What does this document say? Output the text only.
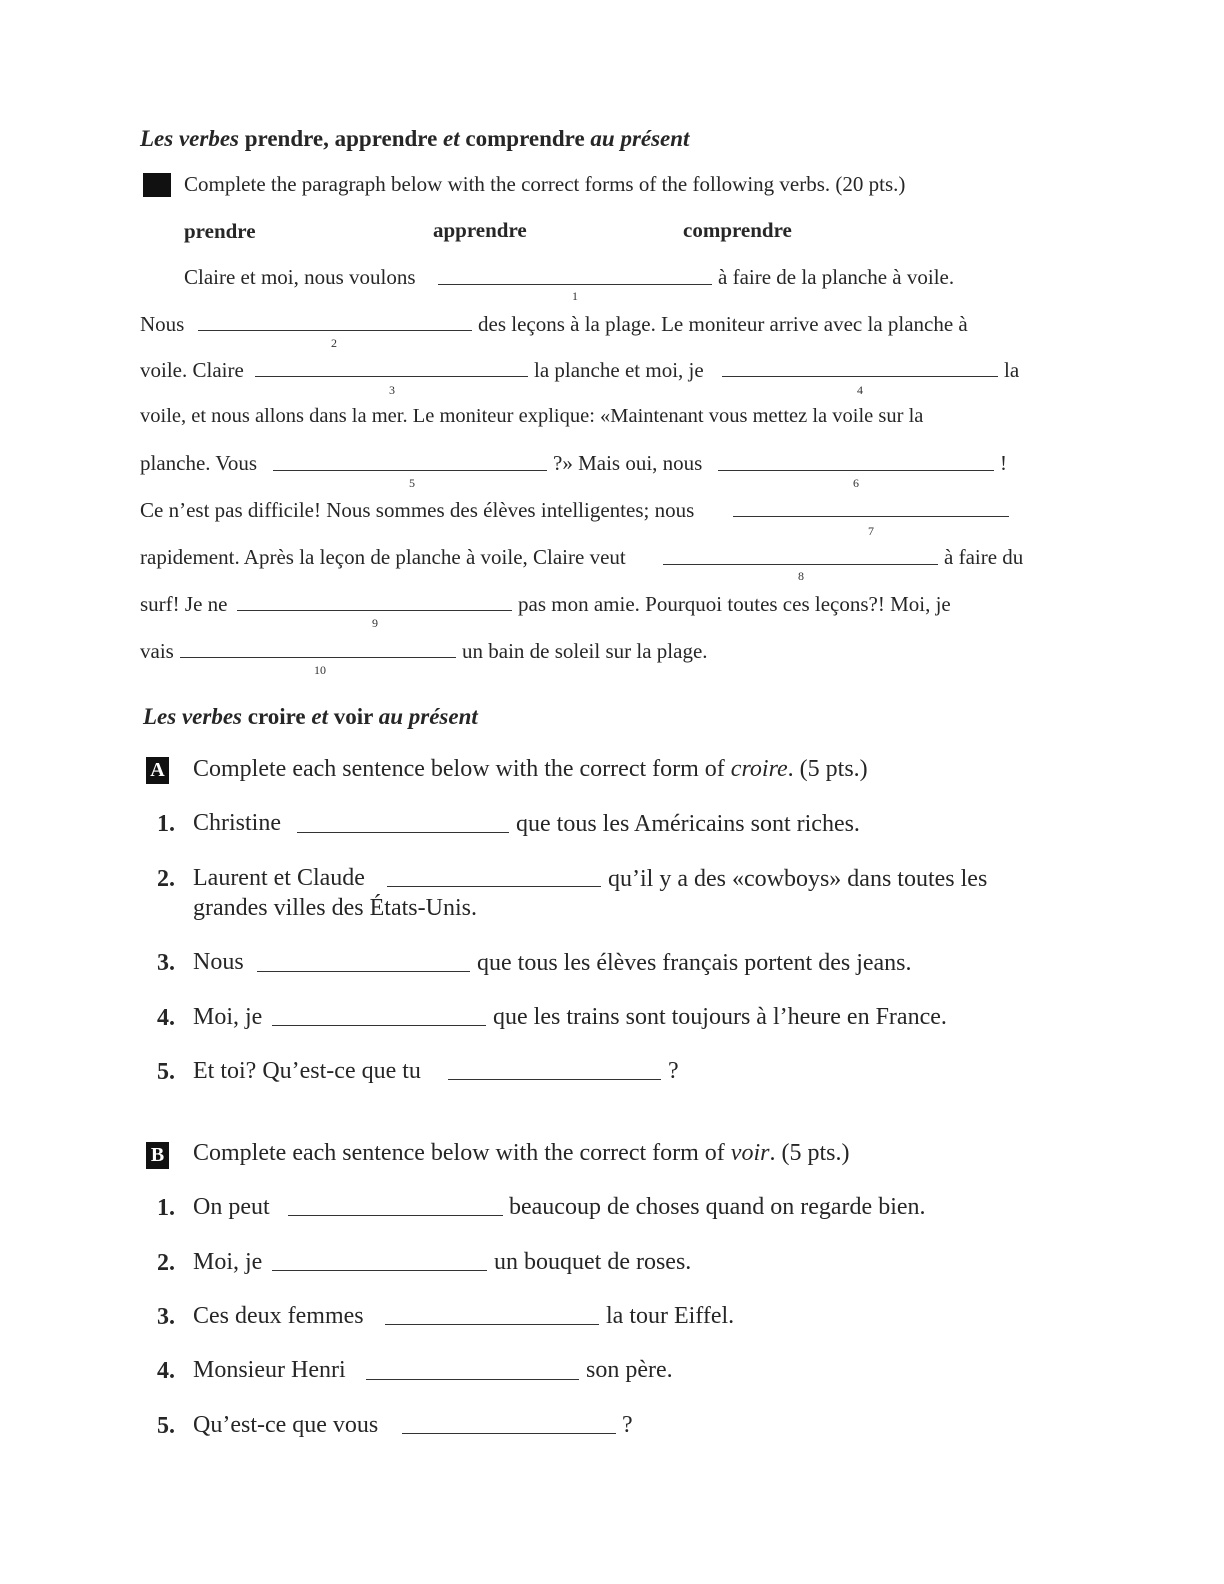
Les verbes prendre, apprendre et comprendre au présent
Complete the paragraph below with the correct forms of the following verbs. (20 pts.)
prendre	apprendre	comprendre
Claire et moi, nous voulons
1
à faire de la planche à voile.
Nous
2
des leçons à la plage. Le moniteur arrive avec la planche à
voile. Claire
3
la planche et moi, je
4
la
voile, et nous allons dans la mer. Le moniteur explique: «Maintenant vous mettez la voile sur la
planche. Vous
5
?» Mais oui, nous
6
!
Ce n’est pas difficile! Nous sommes des élèves intelligentes; nous
7
rapidement. Après la leçon de planche à voile, Claire veut
8
à faire du
surf! Je ne
9
pas mon amie. Pourquoi toutes ces leçons?! Moi, je
vais
10
un bain de soleil sur la plage.
Les verbes croire et voir au présent
A Complete each sentence below with the correct form of croire. (5 pts.)
1. Christine	que tous les Américains sont riches.
2. Laurent et Claude	qu’il y a des «cowboys» dans toutes les
grandes villes des États-Unis.
3. Nous	que tous les élèves français portent des jeans.
4. Moi, je	que les trains sont toujours à l’heure en France.
5. Et toi? Qu’est-ce que tu	?
B Complete each sentence below with the correct form of voir. (5 pts.)
1. On peut	beaucoup de choses quand on regarde bien.
2. Moi, je	un bouquet de roses.
3. Ces deux femmes	la tour Eiffel.
4. Monsieur Henri	son père.
5. Qu’est-ce que vous	?
